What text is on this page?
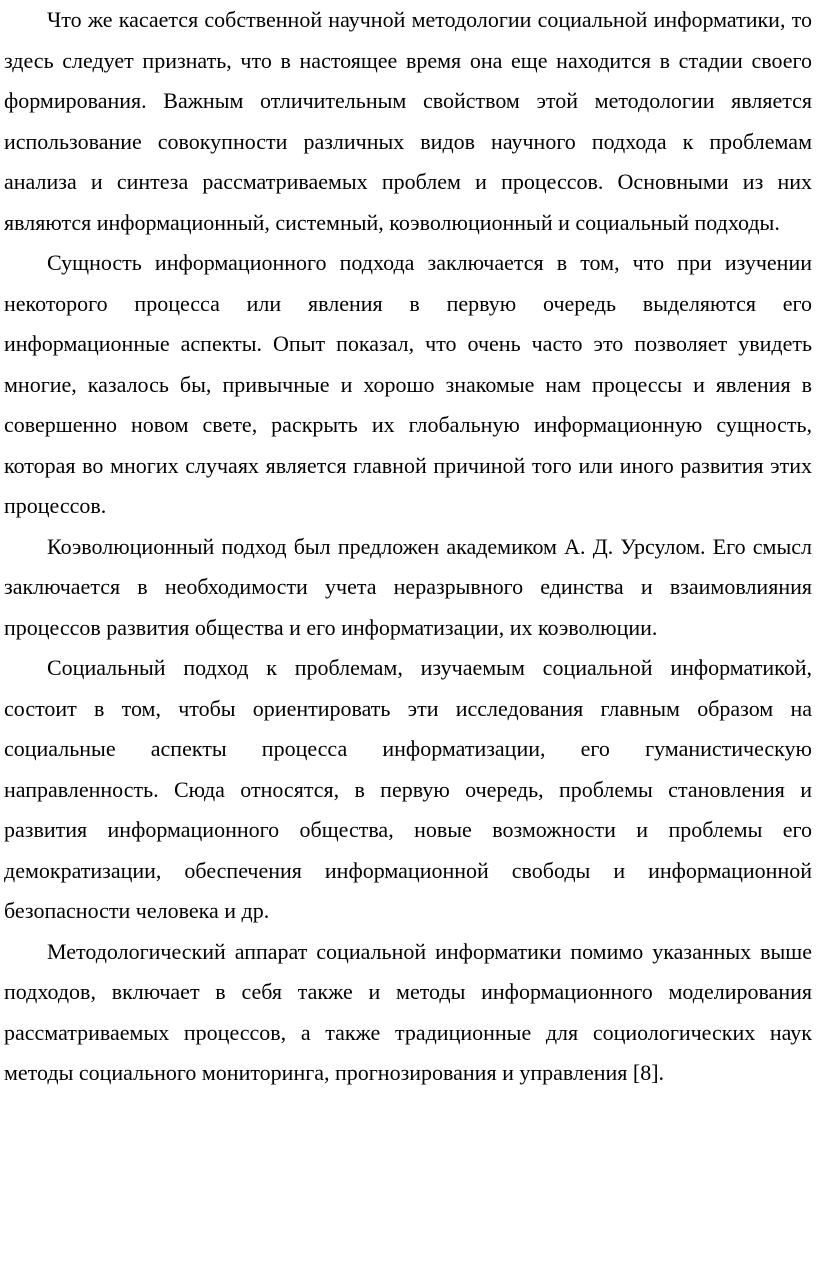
Что же касается собственной научной методологии социальной информатики, то здесь следует признать, что в настоящее время она еще находится в стадии своего формирования. Важным отличительным свойством этой методологии является использование совокупности различных видов научного подхода к проблемам анализа и синтеза рассматриваемых проблем и процессов. Основными из них являются информационный, системный, коэволюционный и социальный подходы.

Сущность информационного подхода заключается в том, что при изучении некоторого процесса или явления в первую очередь выделяются его информационные аспекты. Опыт показал, что очень часто это позволяет увидеть многие, казалось бы, привычные и хорошо знакомые нам процессы и явления в совершенно новом свете, раскрыть их глобальную информационную сущность, которая во многих случаях является главной причиной того или иного развития этих процессов.

Коэволюционный подход был предложен академиком А. Д. Урсулом. Его смысл заключается в необходимости учета неразрывного единства и взаимовлияния процессов развития общества и его информатизации, их коэволюции.

Социальный подход к проблемам, изучаемым социальной информатикой, состоит в том, чтобы ориентировать эти исследования главным образом на социальные аспекты процесса информатизации, его гуманистическую направленность. Сюда относятся, в первую очередь, проблемы становления и развития информационного общества, новые возможности и проблемы его демократизации, обеспечения информационной свободы и информационной безопасности человека и др.

Методологический аппарат социальной информатики помимо указанных выше подходов, включает в себя также и методы информационного моделирования рассматриваемых процессов, а также традиционные для социологических наук методы социального мониторинга, прогнозирования и управления [8].
